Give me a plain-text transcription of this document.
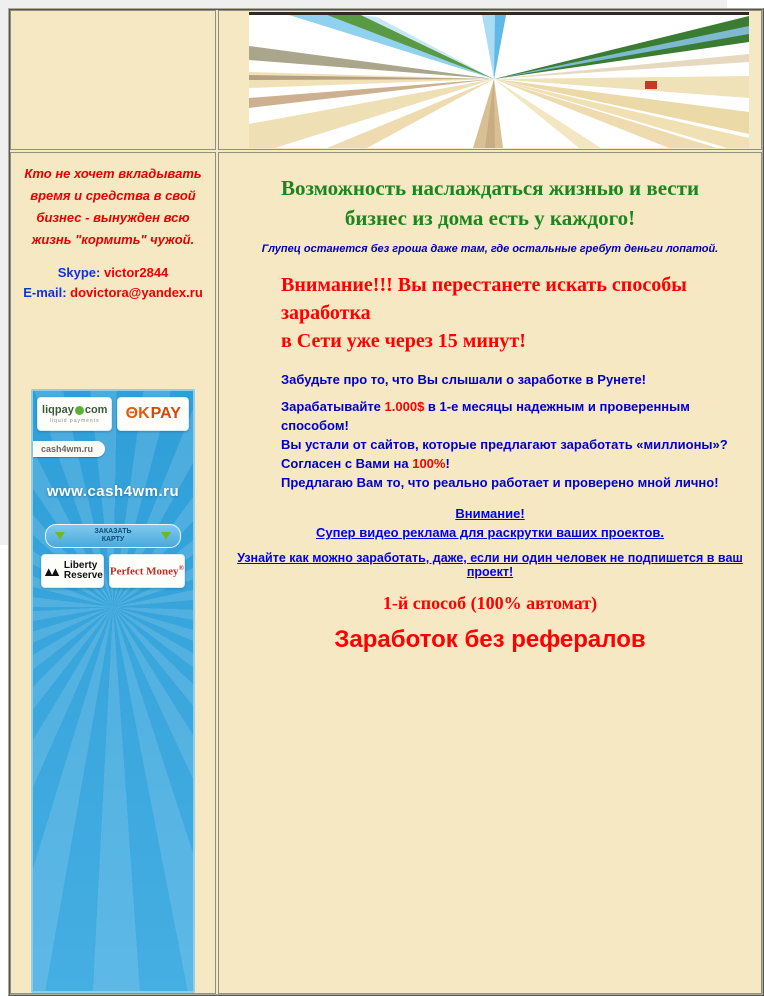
Кто не хочет вкладывать
время и средства в свой
бизнес - вынужден всю
жизнь "кормить" чужой.
Skype: victor2844
E-mail: dovictora@yandex.ru
liqpay com
liquid payments Θ K PAY
cash4wm.ru
www.cash4wm.ru
ЗАКАЗАТЬ
КАРТУ
▲▲ Liberty
Reserve Perfect Money®
Возможность наслаждаться жизнью и вести
бизнес из дома есть у каждого!
Глупец останется без гроша даже там, где остальные гребут деньги лопатой.
Внимание!!! Вы перестанете искать способы заработка
в Сети уже через 15 минут!
Забудьте про то, что Вы слышали о заработке в Рунете!
Зарабатывайте 1.000$ в 1-е месяцы надежным и проверенным способом!
Вы устали от сайтов, которые предлагают заработать «миллионы»?
Согласен с Вами на 100%!
Предлагаю Вам то, что реально работает и проверено мной лично!
Внимание!
Супер видео реклама для раскрутки ваших проектов.
Узнайте как можно заработать, даже, если ни один человек не подпишется в ваш проект!
1-й способ (100% автомат)
Заработок без рефералов
